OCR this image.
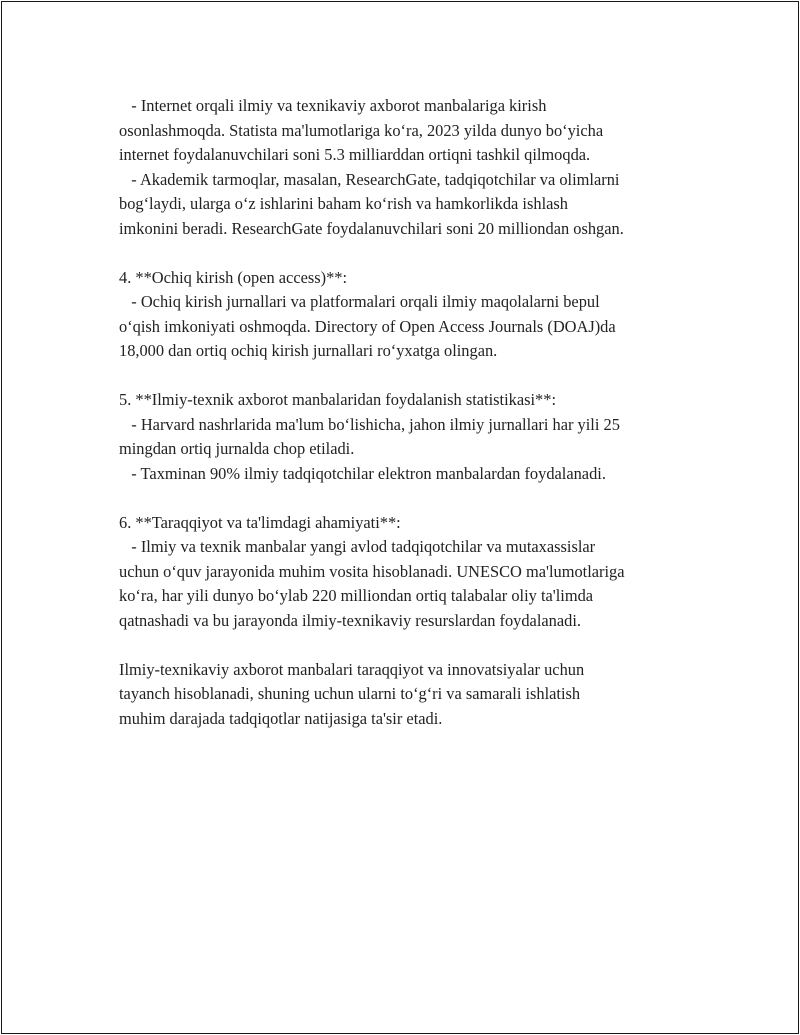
- Internet orqali ilmiy va texnikaviy axborot manbalariga kirish
osonlashmoqda. Statista ma'lumotlariga ko‘ra, 2023 yilda dunyo bo‘yicha
internet foydalanuvchilari soni 5.3 milliarddan ortiqni tashkil qilmoqda.
- Akademik tarmoqlar, masalan, ResearchGate, tadqiqotchilar va olimlarni
bog‘laydi, ularga o‘z ishlarini baham ko‘rish va hamkorlikda ishlash
imkonini beradi. ResearchGate foydalanuvchilari soni 20 milliondan oshgan.
4. **Ochiq kirish (open access)**:
- Ochiq kirish jurnallari va platformalari orqali ilmiy maqolalarni bepul
o‘qish imkoniyati oshmoqda. Directory of Open Access Journals (DOAJ)da
18,000 dan ortiq ochiq kirish jurnallari ro‘yxatga olingan.
5. **Ilmiy-texnik axborot manbalaridan foydalanish statistikasi**:
- Harvard nashrlarida ma'lum bo‘lishicha, jahon ilmiy jurnallari har yili 25
mingdan ortiq jurnalda chop etiladi.
- Taxminan 90% ilmiy tadqiqotchilar elektron manbalardan foydalanadi.
6. **Taraqqiyot va ta'limdagi ahamiyati**:
- Ilmiy va texnik manbalar yangi avlod tadqiqotchilar va mutaxassislar
uchun o‘quv jarayonida muhim vosita hisoblanadi. UNESCO ma'lumotlariga
ko‘ra, har yili dunyo bo‘ylab 220 milliondan ortiq talabalar oliy ta'limda
qatnashadi va bu jarayonda ilmiy-texnikaviy resurslardan foydalanadi.
Ilmiy-texnikaviy axborot manbalari taraqqiyot va innovatsiyalar uchun
tayanch hisoblanadi, shuning uchun ularni to‘g‘ri va samarali ishlatish
muhim darajada tadqiqotlar natijasiga ta'sir etadi.
